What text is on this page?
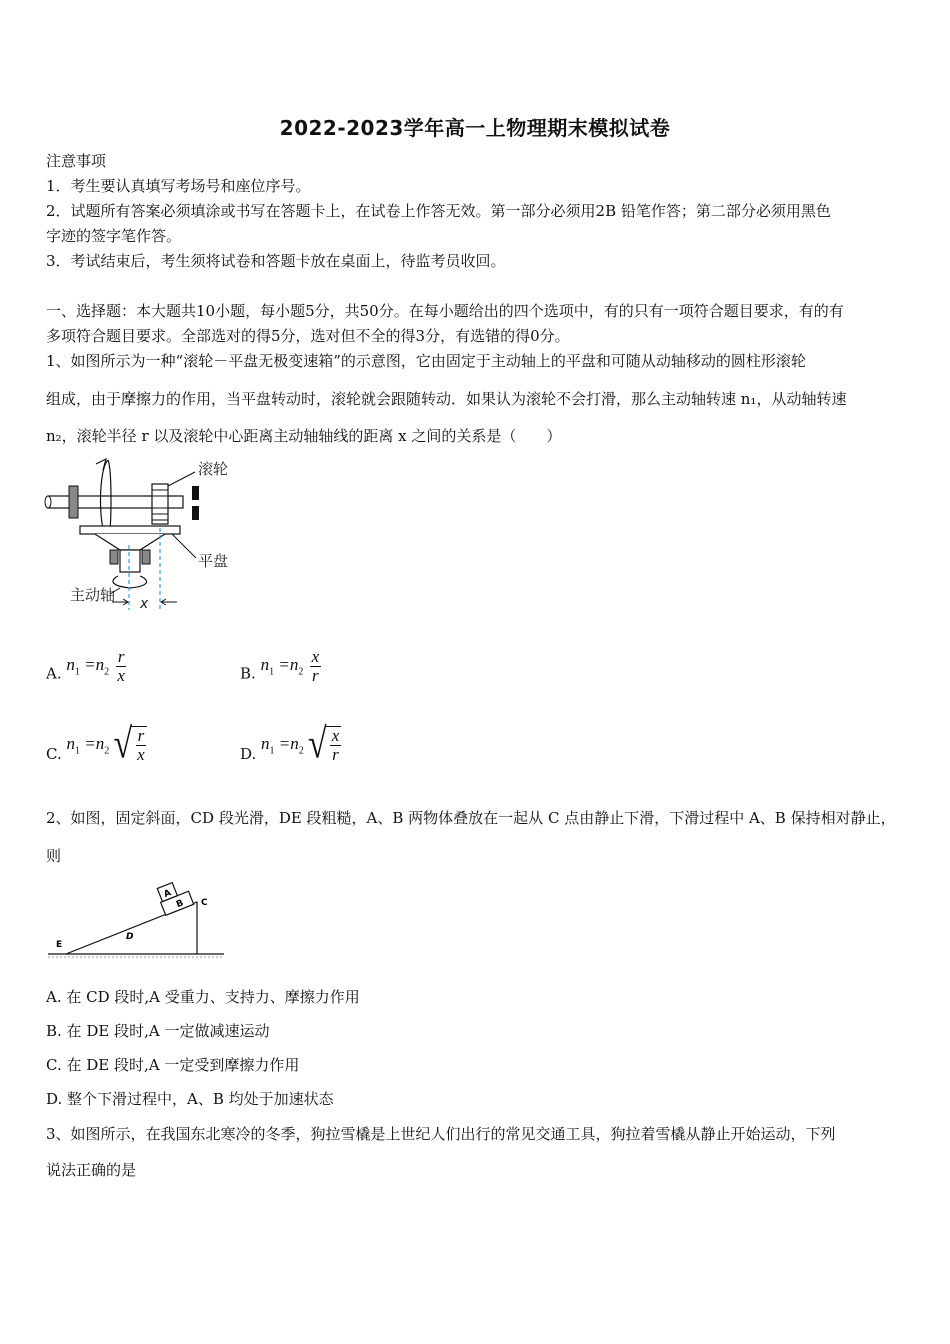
2022-2023学年高一上物理期末模拟试卷
注意事项
1．考生要认真填写考场号和座位序号。
2．试题所有答案必须填涂或书写在答题卡上，在试卷上作答无效。第一部分必须用2B 铅笔作答；第二部分必须用黑色
字迹的签字笔作答。
3．考试结束后，考生须将试卷和答题卡放在桌面上，待监考员收回。
一、选择题：本大题共10小题，每小题5分，共50分。在每小题给出的四个选项中，有的只有一项符合题目要求，有的有
多项符合题目要求。全部选对的得5分，选对但不全的得3分，有选错的得0分。
1、如图所示为一种“滚轮－平盘无极变速箱”的示意图，它由固定于主动轴上的平盘和可随从动轴移动的圆柱形滚轮
组成，由于摩擦力的作用，当平盘转动时，滚轮就会跟随转动．如果认为滚轮不会打滑，那么主动轴转速 n₁，从动轴转速
n₂，滚轮半径 r 以及滚轮中心距离主动轴轴线的距离 x 之间的关系是（　　）
滚轮
平盘
主动轴 x
A. $n_1 =n_2 \frac{r}{x}$	B. $n_1 =n_2 \frac{x}{r}$
C. $n_1 =n_2$ √ $\frac{r}{x}$	D. $n_1 =n_2$ √ $\frac{x}{r}$
2、如图，固定斜面，CD 段光滑，DE 段粗糙，A、B 两物体叠放在一起从 C 点由静止下滑，下滑过程中 A、B 保持相对静止，
则
A
B C
D
E
A. 在 CD 段时,A 受重力、支持力、摩擦力作用
B. 在 DE 段时,A 一定做减速运动
C. 在 DE 段时,A 一定受到摩擦力作用
D. 整个下滑过程中，A、B 均处于加速状态
3、如图所示，在我国东北寒冷的冬季，狗拉雪橇是上世纪人们出行的常见交通工具，狗拉着雪橇从静止开始运动，下列
说法正确的是
